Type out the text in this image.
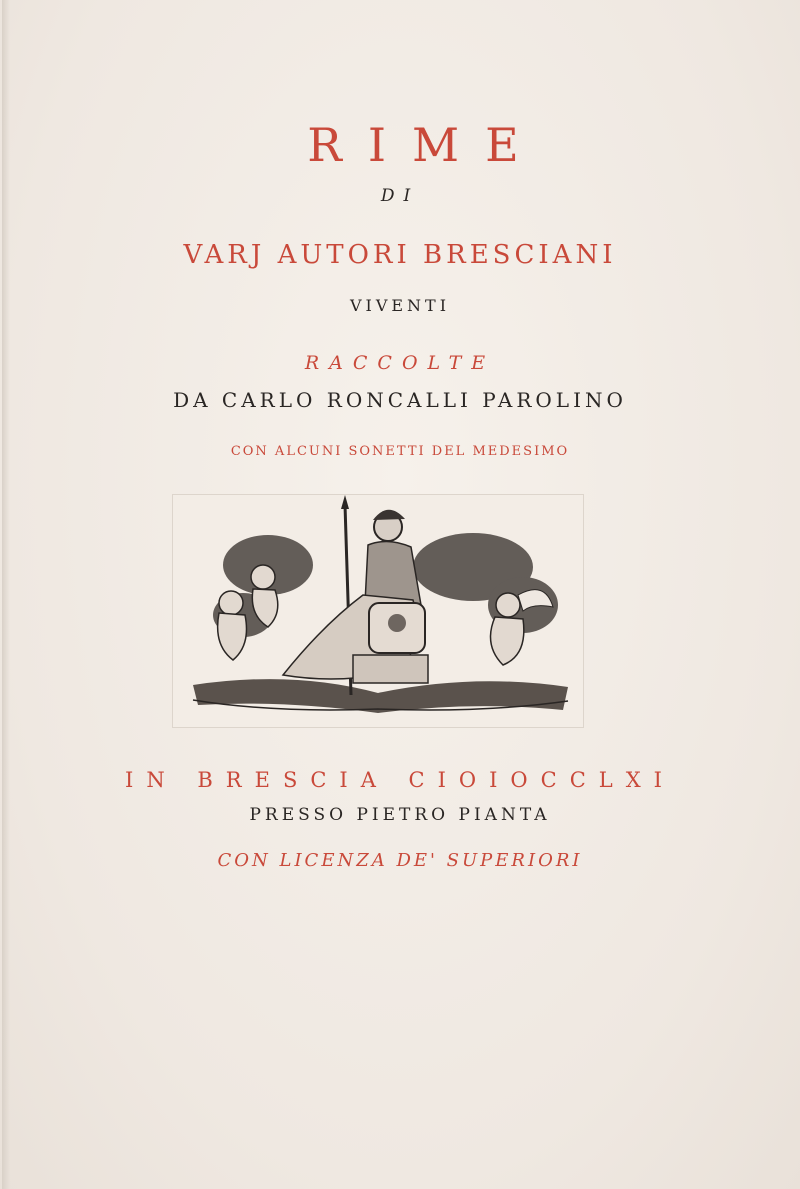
RIME
DI
VARJ AUTORI BRESCIANI
VIVENTI
RACCOLTE
DA CARLO RONCALLI PAROLINO
CON ALCUNI SONETTI DEL MEDESIMO
IN BRESCIA CIOIOCCLXI
PRESSO PIETRO PIANTA
CON LICENZA DE' SUPERIORI
